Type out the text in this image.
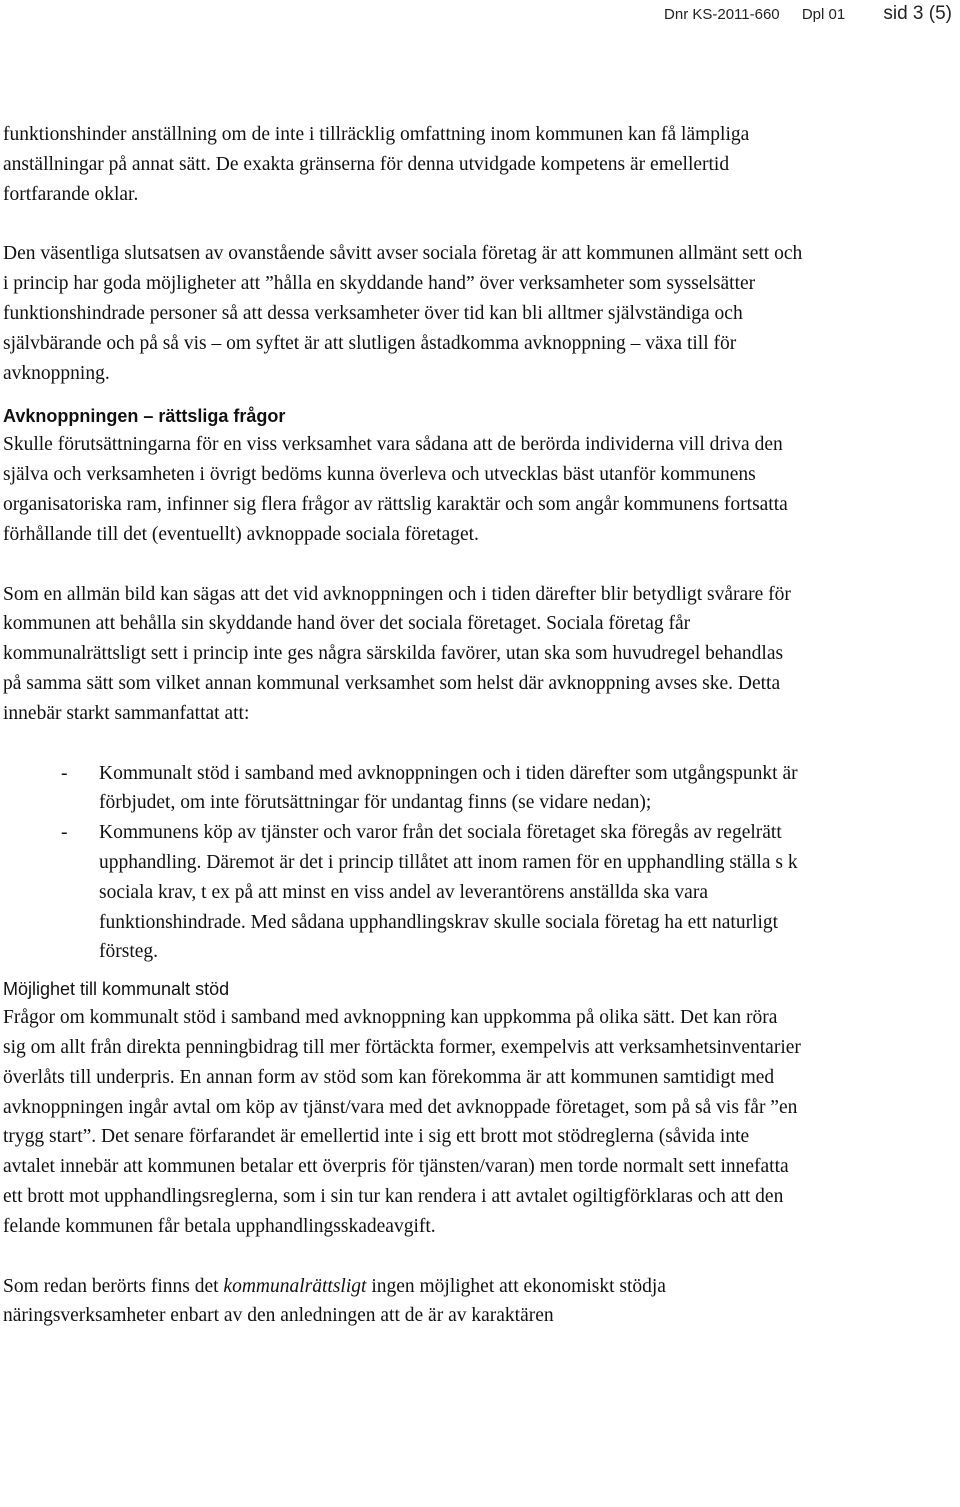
Dnr KS-2011-660 Dpl 01 sid 3 (5)

funktionshinder anställning om de inte i tillräcklig omfattning inom kommunen kan få lämpliga anställningar på annat sätt. De exakta gränserna för denna utvidgade kompetens är emellertid fortfarande oklar.

Den väsentliga slutsatsen av ovanstående såvitt avser sociala företag är att kommunen allmänt sett och i princip har goda möjligheter att ”hålla en skyddande hand” över verksamheter som sysselsätter funktionshindrade personer så att dessa verksamheter över tid kan bli alltmer självständiga och självbärande och på så vis – om syftet är att slutligen åstadkomma avknoppning – växa till för avknoppning.

Avknoppningen – rättsliga frågor

Skulle förutsättningarna för en viss verksamhet vara sådana att de berörda individerna vill driva den själva och verksamheten i övrigt bedöms kunna överleva och utvecklas bäst utanför kommunens organisatoriska ram, infinner sig flera frågor av rättslig karaktär och som angår kommunens fortsatta förhållande till det (eventuellt) avknoppade sociala företaget.

Som en allmän bild kan sägas att det vid avknoppningen och i tiden därefter blir betydligt svårare för kommunen att behålla sin skyddande hand över det sociala företaget. Sociala företag får kommunalrättsligt sett i princip inte ges några särskilda favörer, utan ska som huvudregel behandlas på samma sätt som vilket annan kommunal verksamhet som helst där avknoppning avses ske. Detta innebär starkt sammanfattat att:

- Kommunalt stöd i samband med avknoppningen och i tiden därefter som utgångspunkt är förbjudet, om inte förutsättningar för undantag finns (se vidare nedan);
- Kommunens köp av tjänster och varor från det sociala företaget ska föregås av regelrätt upphandling. Däremot är det i princip tillåtet att inom ramen för en upphandling ställa s k sociala krav, t ex på att minst en viss andel av leverantörens anställda ska vara funktionshindrade. Med sådana upphandlingskrav skulle sociala företag ha ett naturligt försteg.
Möjlighet till kommunalt stöd

Frågor om kommunalt stöd i samband med avknoppning kan uppkomma på olika sätt. Det kan röra sig om allt från direkta penningbidrag till mer förtäckta former, exempelvis att verksamhetsinventarier överlåts till underpris. En annan form av stöd som kan förekomma är att kommunen samtidigt med avknoppningen ingår avtal om köp av tjänst/vara med det avknoppade företaget, som på så vis får ”en trygg start”. Det senare förfarandet är emellertid inte i sig ett brott mot stödreglerna (såvida inte avtalet innebär att kommunen betalar ett överpris för tjänsten/varan) men torde normalt sett innefatta ett brott mot upphandlingsreglerna, som i sin tur kan rendera i att avtalet ogiltigförklaras och att den felande kommunen får betala upphandlingsskadeavgift.

Som redan berörts finns det kommunalrättsligt ingen möjlighet att ekonomiskt stödja näringsverksamheter enbart av den anledningen att de är av karaktären
